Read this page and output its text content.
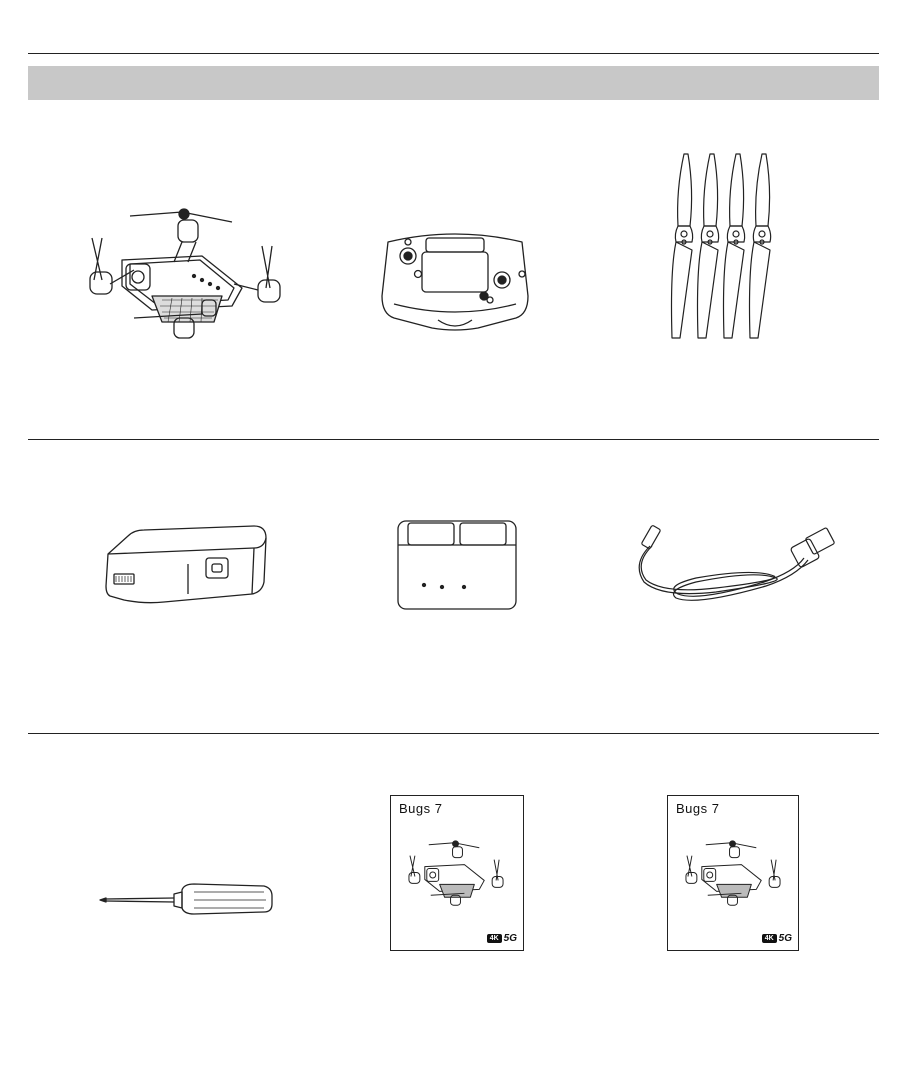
Bugs 7
4K 5G
Bugs 7
4K 5G
